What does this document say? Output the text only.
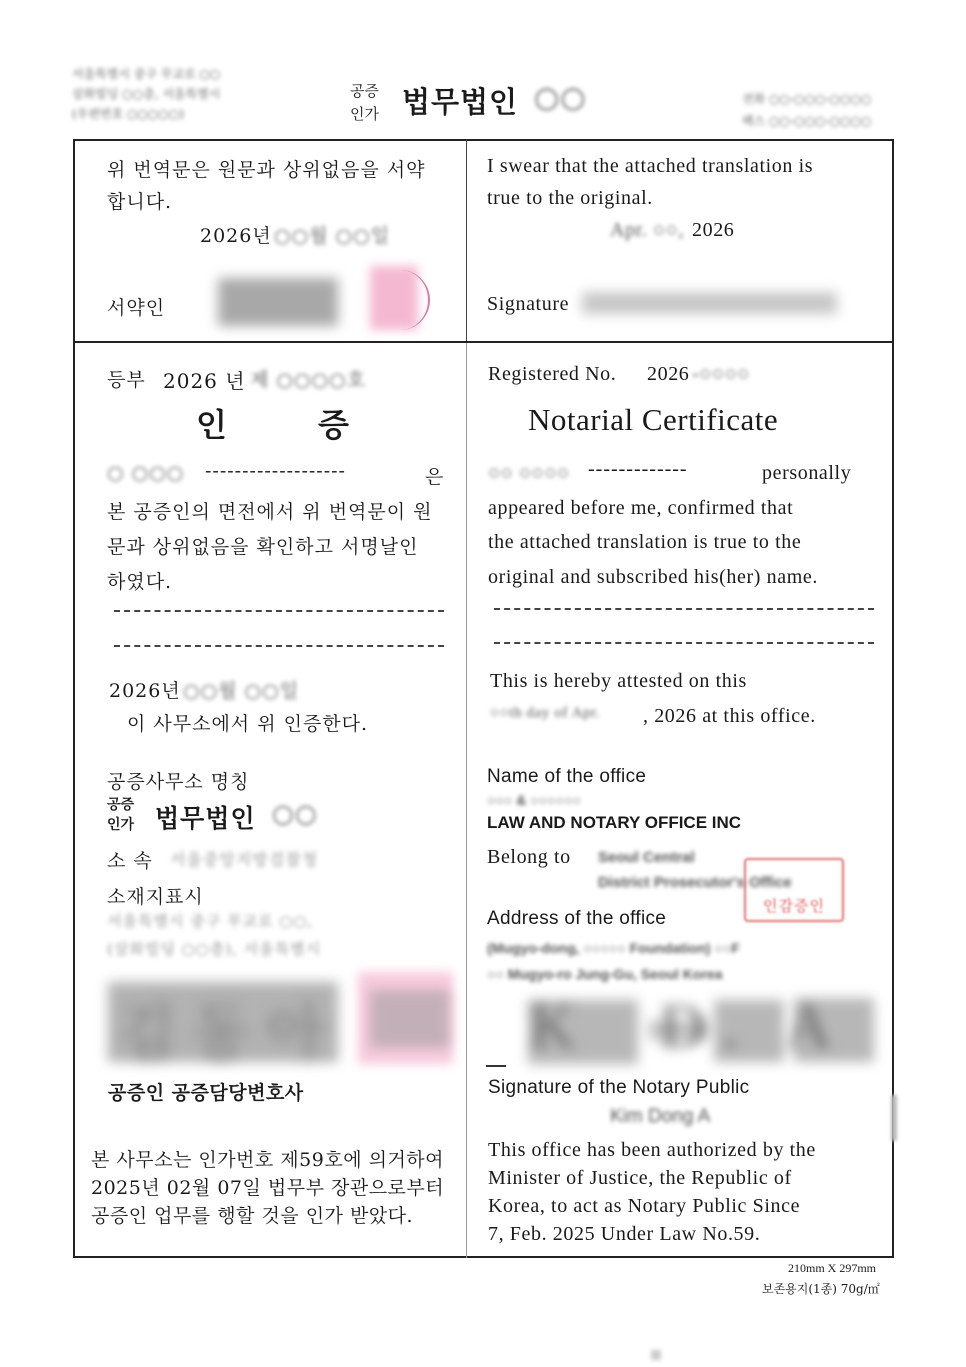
서울특별시 중구 무교로 ○○
삼화빌딩 ○○층, 서울특별시
(우편번호 ○○○○○)
공증
인가 법무법인 ○○	전화 ○○-○○○-○○○○
팩스 ○○-○○○-○○○○
위 번역문은 원문과 상위없음을 서약
합니다.
2026년 ○○월 ○○일
서약인
I swear that the attached translation is
true to the original.
Apr. ○○, 2026
Signature
등부 2026 년 제 ○○○○호
인	증
Registered No. 2026 -○○○○
Notarial Certificate
○ ○○○ -------------------	은
본 공증인의 면전에서 위 번역문이 원
문과 상위없음을 확인하고 서명날인
하였다.
○○ ○○○○ -------------	personally
appeared before me, confirmed that
the attached translation is true to the
original and subscribed his(her) name.
2026년 ○○월 ○○일
이 사무소에서 위 인증한다.
This is hereby attested on this
○○th day of Apr. , 2026 at this office.
공증사무소 명칭
공증
인가 법무법인 ○○
소 속 서울중앙지방검찰청
소재지표시
서울특별시 중구 무교로 ○○,
(삼화빌딩 ○○층), 서울특별시
Name of the office
○○○ & ○○○○○○
LAW AND NOTARY OFFICE INC
Belong to Seoul Central
District Prosecutor's Office
Address of the office
(Mugyo-dong, ○○○○○ Foundation) ○○F
○○ Mugyo-ro Jung-Gu, Seoul Korea
인감증인
김동아
공증인 공증담당변호사
K  D. A
Signature of the Notary Public
Kim Dong A
본 사무소는 인가번호 제59호에 의거하여
2025년 02월 07일 법무부 장관으로부터
공증인 업무를 행할 것을 인가 받았다.
This office has been authorized by the
Minister of Justice, the Republic of
Korea, to act as Notary Public Since
7, Feb. 2025 Under Law No.59.
210mm X 297mm
보존용지(1종) 70g/㎡
